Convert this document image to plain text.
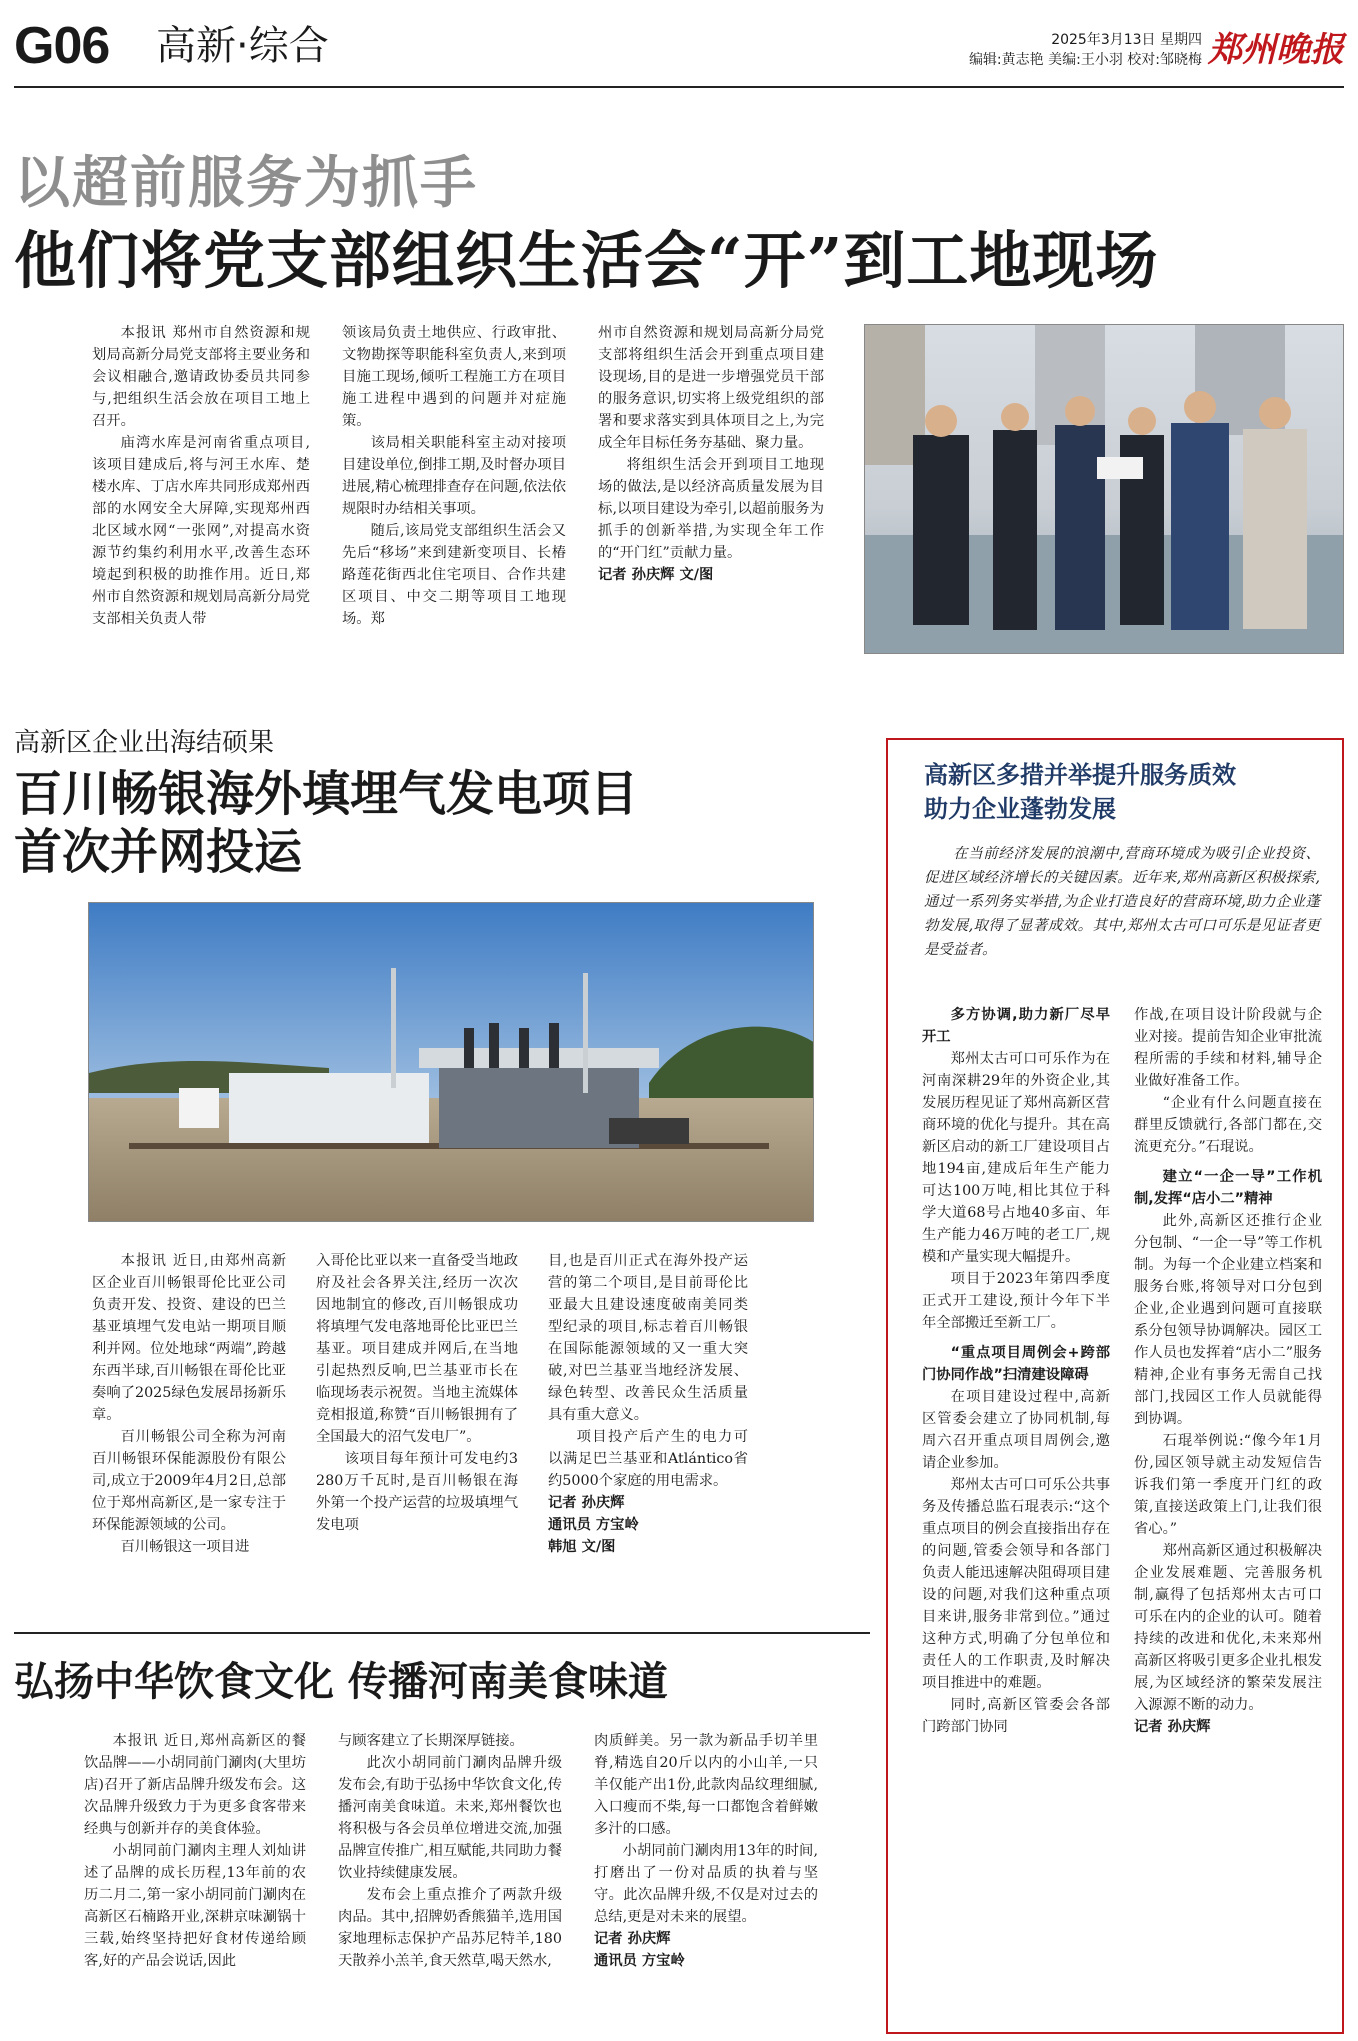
G06 高新·综合	2025年3月13日 星期四
编辑:黄志艳 美编:王小羽 校对:邹晓梅 郑州晚报
以超前服务为抓手
他们将党支部组织生活会“开”到工地现场

本报讯 郑州市自然资源和规划局高新分局党支部将主要业务和会议相融合,邀请政协委员共同参与,把组织生活会放在项目工地上召开。

庙湾水库是河南省重点项目,该项目建成后,将与河王水库、楚楼水库、丁店水库共同形成郑州西部的水网安全大屏障,实现郑州西北区域水网“一张网”,对提高水资源节约集约利用水平,改善生态环境起到积极的助推作用。近日,郑州市自然资源和规划局高新分局党支部相关负责人带

领该局负责土地供应、行政审批、文物勘探等职能科室负责人,来到项目施工现场,倾听工程施工方在项目施工进程中遇到的问题并对症施策。

该局相关职能科室主动对接项目建设单位,倒排工期,及时督办项目进展,精心梳理排查存在问题,依法依规限时办结相关事项。

随后,该局党支部组织生活会又先后“移场”来到建新变项目、长椿路莲花街西北住宅项目、合作共建区项目、中交二期等项目工地现场。郑

州市自然资源和规划局高新分局党支部将组织生活会开到重点项目建设现场,目的是进一步增强党员干部的服务意识,切实将上级党组织的部署和要求落实到具体项目之上,为完成全年目标任务夯基础、聚力量。

将组织生活会开到项目工地现场的做法,是以经济高质量发展为目标,以项目建设为牵引,以超前服务为抓手的创新举措,为实现全年工作的“开门红”贡献力量。

记者 孙庆辉 文/图

高新区企业出海结硕果
百川畅银海外填埋气发电项目
首次并网投运

本报讯 近日,由郑州高新区企业百川畅银哥伦比亚公司负责开发、投资、建设的巴兰基亚填埋气发电站一期项目顺利并网。位处地球“两端”,跨越东西半球,百川畅银在哥伦比亚奏响了2025绿色发展昂扬新乐章。

百川畅银公司全称为河南百川畅银环保能源股份有限公司,成立于2009年4月2日,总部位于郑州高新区,是一家专注于环保能源领域的公司。

百川畅银这一项目进

入哥伦比亚以来一直备受当地政府及社会各界关注,经历一次次因地制宜的修改,百川畅银成功将填埋气发电落地哥伦比亚巴兰基亚。项目建成并网后,在当地引起热烈反响,巴兰基亚市长在临现场表示祝贺。当地主流媒体竞相报道,称赞“百川畅银拥有了全国最大的沼气发电厂”。

该项目每年预计可发电约3280万千瓦时,是百川畅银在海外第一个投产运营的垃圾填埋气发电项

目,也是百川正式在海外投产运营的第二个项目,是目前哥伦比亚最大且建设速度破南美同类型纪录的项目,标志着百川畅银在国际能源领域的又一重大突破,对巴兰基亚当地经济发展、绿色转型、改善民众生活质量具有重大意义。

项目投产后产生的电力可以满足巴兰基亚和Atlántico省约5000个家庭的用电需求。

记者 孙庆辉

通讯员 方宝岭

韩旭 文/图

弘扬中华饮食文化 传播河南美食味道

本报讯 近日,郑州高新区的餐饮品牌——小胡同前门涮肉(大里坊店)召开了新店品牌升级发布会。这次品牌升级致力于为更多食客带来经典与创新并存的美食体验。

小胡同前门涮肉主理人刘灿讲述了品牌的成长历程,13年前的农历二月二,第一家小胡同前门涮肉在高新区石楠路开业,深耕京味涮锅十三载,始终坚持把好食材传递给顾客,好的产品会说话,因此

与顾客建立了长期深厚链接。

此次小胡同前门涮肉品牌升级发布会,有助于弘扬中华饮食文化,传播河南美食味道。未来,郑州餐饮也将积极与各会员单位增进交流,加强品牌宣传推广,相互赋能,共同助力餐饮业持续健康发展。

发布会上重点推介了两款升级肉品。其中,招牌奶香熊猫羊,选用国家地理标志保护产品苏尼特羊,180天散养小羔羊,食天然草,喝天然水,

肉质鲜美。另一款为新品手切羊里脊,精选自20斤以内的小山羊,一只羊仅能产出1份,此款肉品纹理细腻,入口瘦而不柴,每一口都饱含着鲜嫩多汁的口感。

小胡同前门涮肉用13年的时间,打磨出了一份对品质的执着与坚守。此次品牌升级,不仅是对过去的总结,更是对未来的展望。

记者 孙庆辉

通讯员 方宝岭

高新区多措并举提升服务质效
助力企业蓬勃发展

在当前经济发展的浪潮中,营商环境成为吸引企业投资、促进区域经济增长的关键因素。近年来,郑州高新区积极探索,通过一系列务实举措,为企业打造良好的营商环境,助力企业蓬勃发展,取得了显著成效。其中,郑州太古可口可乐是见证者更是受益者。

多方协调,助力新厂尽早开工

郑州太古可口可乐作为在河南深耕29年的外资企业,其发展历程见证了郑州高新区营商环境的优化与提升。其在高新区启动的新工厂建设项目占地194亩,建成后年生产能力可达100万吨,相比其位于科学大道68号占地40多亩、年生产能力46万吨的老工厂,规模和产量实现大幅提升。

项目于2023年第四季度正式开工建设,预计今年下半年全部搬迁至新工厂。

“重点项目周例会+跨部门协同作战”扫清建设障碍

在项目建设过程中,高新区管委会建立了协同机制,每周六召开重点项目周例会,邀请企业参加。

郑州太古可口可乐公共事务及传播总监石琨表示:“这个重点项目的例会直接指出存在的问题,管委会领导和各部门负责人能迅速解决阻碍项目建设的问题,对我们这种重点项目来讲,服务非常到位。”通过这种方式,明确了分包单位和责任人的工作职责,及时解决项目推进中的难题。

同时,高新区管委会各部门跨部门协同

作战,在项目设计阶段就与企业对接。提前告知企业审批流程所需的手续和材料,辅导企业做好准备工作。

“企业有什么问题直接在群里反馈就行,各部门都在,交流更充分。”石琨说。

建立“一企一导”工作机制,发挥“店小二”精神

此外,高新区还推行企业分包制、“一企一导”等工作机制。为每一个企业建立档案和服务台账,将领导对口分包到企业,企业遇到问题可直接联系分包领导协调解决。园区工作人员也发挥着“店小二”服务精神,企业有事务无需自己找部门,找园区工作人员就能得到协调。

石琨举例说:“像今年1月份,园区领导就主动发短信告诉我们第一季度开门红的政策,直接送政策上门,让我们很省心。”

郑州高新区通过积极解决企业发展难题、完善服务机制,赢得了包括郑州太古可口可乐在内的企业的认可。随着持续的改进和优化,未来郑州高新区将吸引更多企业扎根发展,为区域经济的繁荣发展注入源源不断的动力。

记者 孙庆辉
